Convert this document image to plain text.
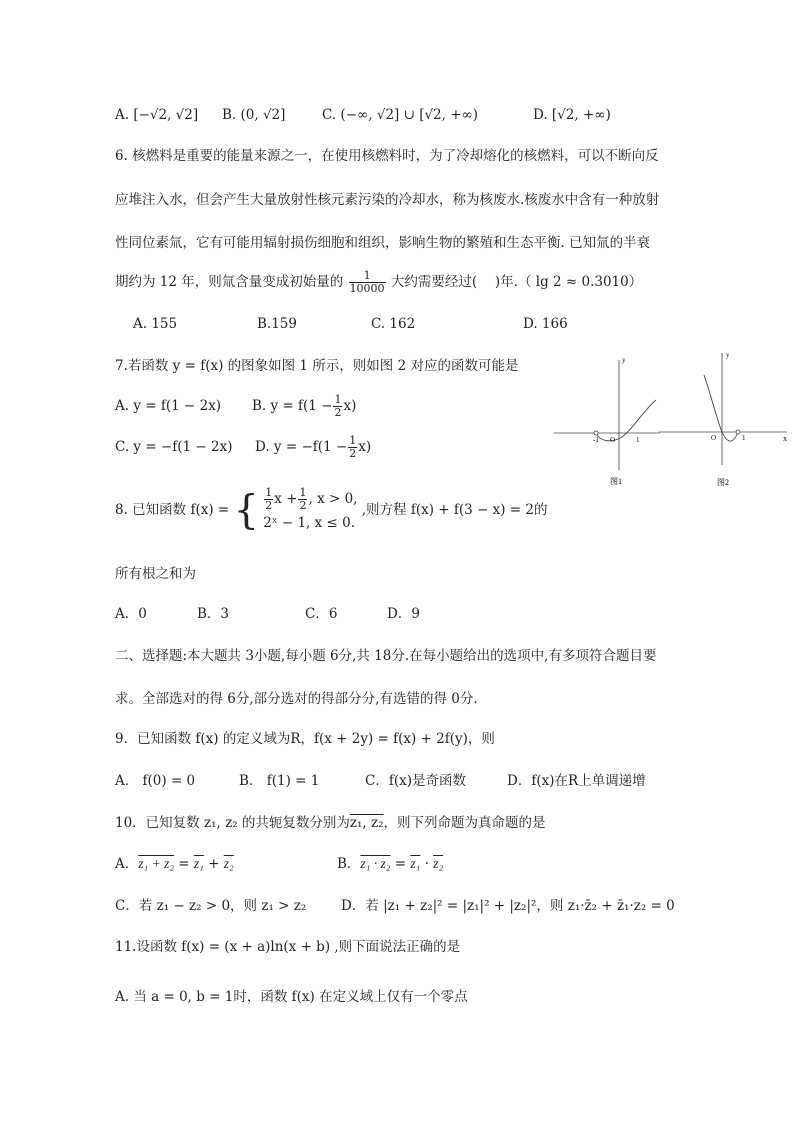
A. [−√2, √2] B. (0, √2]	C. (−∞, √2] ∪ [√2, +∞)	D. [√2, +∞)
6. 核燃料是重要的能量来源之一，在使用核燃料时，为了冷却熔化的核燃料，可以不断向反
应堆注入水，但会产生大量放射性核元素污染的冷却水，称为核废水.核废水中含有一种放射
性同位素氚，它有可能用辐射损伤细胞和组织，影响生物的繁殖和生态平衡. 已知氚的半衰
期约为 12 年，则氚含量变成初始量的 $\frac{1}{10000}$ 大约需要经过(　 )年.（ lg 2 ≈ 0.3010）
A. 155	B.159	C. 162	D. 166
7.若函数 y = f(x) 的图象如图 1 所示，则如图 2 对应的函数可能是
A. y = f(1 − 2x) B. $y = f(1 - \frac{1}{2} x)$
C. y = −f(1 − 2x) D. $y = -f(1 - \frac{1}{2} x)$
y
-1 O	1
图1
x
y
O	1
图2
8. 已知函数 f(x) = { $\frac{1}{2}$ $x + \frac{1}{2}$ , x > 0,
2ˣ − 1, x ≤ 0.
,则方程 f(x) + f(3 − x) = 2的
所有根之和为
A．0	B．3	C．6	D．9
二、选择题:本大题共 3小题,每小题 6分,共 18分.在每小题给出的选项中,有多项符合题目要
求。全部选对的得 6分,部分选对的得部分分,有选错的得 0分.
9．已知函数 f(x) 的定义域为R，f(x + 2y) = f(x) + 2f(y)，则
A． f(0) = 0	B． f(1) = 1	C．f(x)是奇函数	D．f(x)在R上单调递增
10．已知复数 z₁, z₂ 的共轭复数分别为z₁, z₂，则下列命题为真命题的是
A．z₁ + z₂ = z₁ + z₂	B．z₁ · z₂ = z₁ · z₂
C．若 z₁ − z₂ > 0，则 z₁ > z₂	D．若 |z₁ + z₂|² = |z₁|² + |z₂|²，则 z₁·z̄₂ + z̄₁·z₂ = 0
11.设函数 f(x) = (x + a)ln(x + b) ,则下面说法正确的是
A. 当 a = 0, b = 1时，函数 f(x) 在定义域上仅有一个零点
